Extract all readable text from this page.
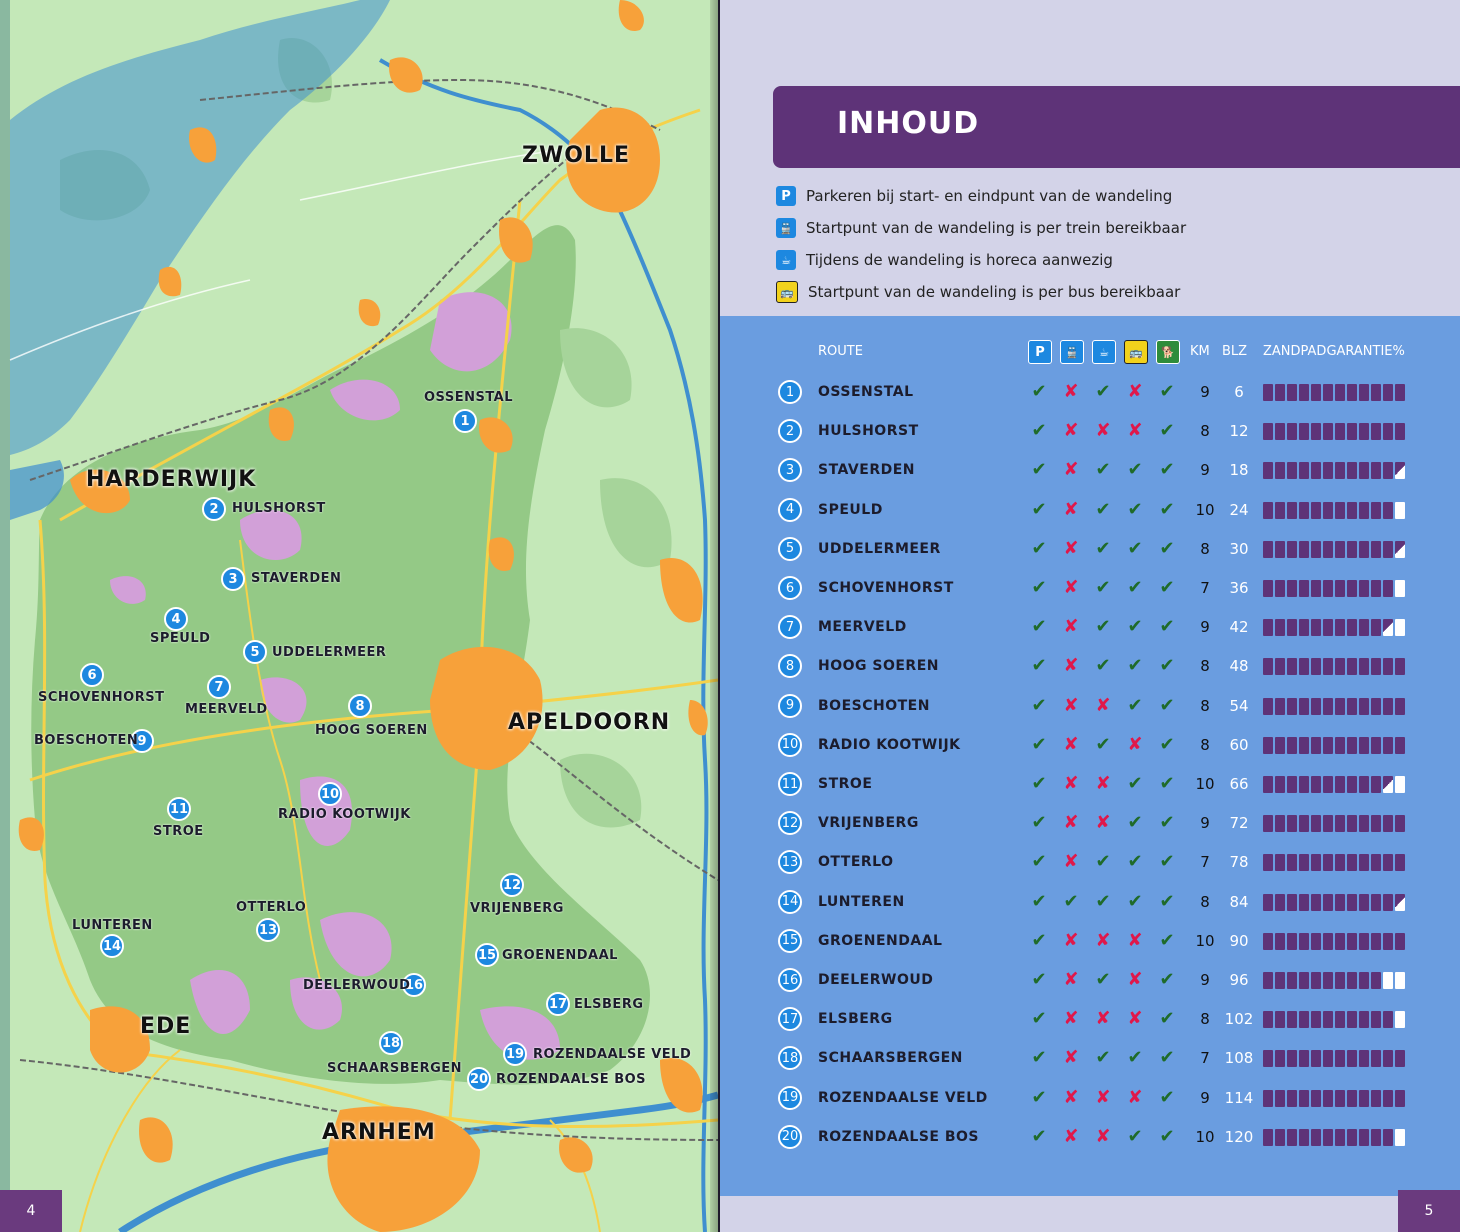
ZWOLLE
HARDERWIJK
APELDOORN
EDE
ARNHEM
1
OSSENSTAL
2	HULSHORST
3	STAVERDEN
4
SPEULD
5 UDDELERMEER
6
SCHOVENHORST
7
MEERVELD	8
HOOG SOEREN
9
BOESCHOTEN
10
RADIO KOOTWIJK
11
STROE
12
VRIJENBERG
13
OTTERLO
14
LUNTEREN
15 GROENENDAAL
16
DEELERWOUD
17 ELSBERG
18
SCHAARSBERGEN
19 ROZENDAALSE VELD
20 ROZENDAALSE BOS
4
INHOUD
P	Parkeren bij start- en eindpunt van de wandeling
🚆 Startpunt van de wandeling is per trein bereikbaar
☕	Tijdens de wandeling is horeca aanwezig
🚌 Startpunt van de wandeling is per bus bereikbaar
ROUTE	P	🚆	☕	🚌	🐕	KM BLZ ZANDPADGARANTIE%
1	OSSENSTAL	✔ ✘ ✔ ✘ ✔	9	6
2	HULSHORST	✔ ✘ ✘ ✘ ✔	8	12
3	STAVERDEN	✔ ✘ ✔ ✔ ✔	9	18
4	SPEULD	✔ ✘ ✔ ✔ ✔	10 24
5	UDDELERMEER	✔ ✘ ✔ ✔ ✔	8	30
6	SCHOVENHORST	✔ ✘ ✔ ✔ ✔	7	36
7	MEERVELD	✔ ✘ ✔ ✔ ✔	9	42
8	HOOG SOEREN	✔ ✘ ✔ ✔ ✔	8	48
9	BOESCHOTEN	✔ ✘ ✘ ✔ ✔	8	54
10 RADIO KOOTWIJK	✔ ✘ ✔ ✘ ✔	8	60
11 STROE	✔ ✘ ✘ ✔ ✔	10 66
12 VRIJENBERG	✔ ✘ ✘ ✔ ✔	9	72
13 OTTERLO	✔ ✘ ✔ ✔ ✔	7	78
14 LUNTEREN	✔ ✔ ✔ ✔ ✔	8	84
15 GROENENDAAL	✔ ✘ ✘ ✘ ✔	10 90
16 DEELERWOUD	✔ ✘ ✔ ✘ ✔	9	96
17 ELSBERG	✔ ✘ ✘ ✘ ✔	8 102
18 SCHAARSBERGEN	✔ ✘ ✔ ✔ ✔	7 108
19 ROZENDAALSE VELD ✔ ✘ ✘ ✘ ✔	9 114
20 ROZENDAALSE BOS	✔ ✘ ✘ ✔ ✔	10 120
5
